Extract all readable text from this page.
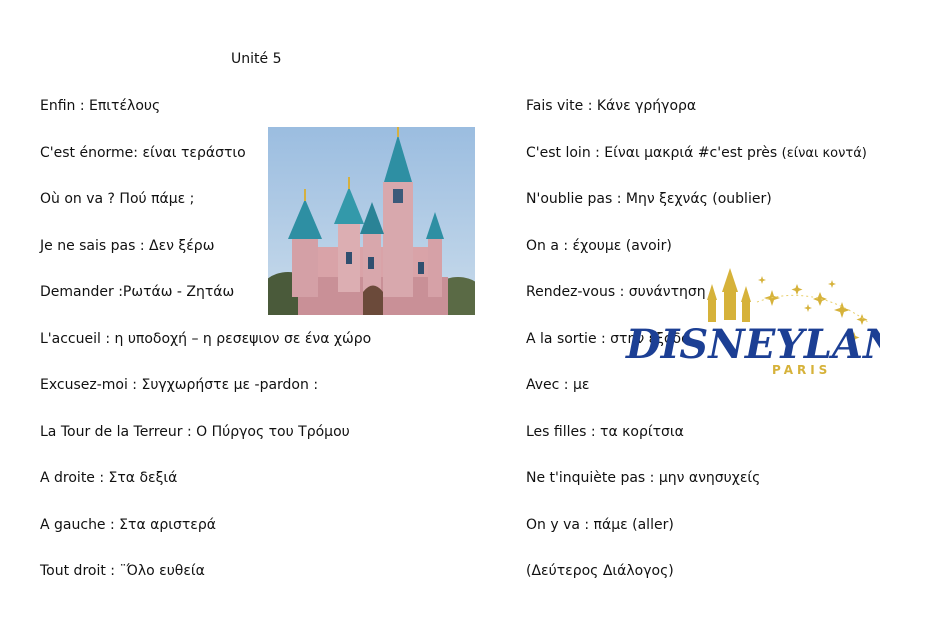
Unité 5
Enfin : Επιτέλους
C'est énorme: είναι τεράστιο
Où on va ? Πού πάμε ;
Je ne sais pas : Δεν ξέρω
Demander :Ρωτάω - Ζητάω
L'accueil : η υποδοχή – η ρεσεψιον σε ένα χώρο
Excusez-moi : Συγχωρήστε με -pardon :
La Tour de la Terreur : Ο Πύργος του Τρόμου
A droite : Στα δεξιά
A gauche : Στα αριστερά
Tout droit : ¨Όλο ευθεία
Fais vite : Κάνε γρήγορα
C'est loin : Είναι μακριά #c'est près (είναι κοντά)
N'oublie pas : Μην ξεχνάς (oublier)
On a : έχουμε (avoir)
Rendez-vous : συνάντηση
A la sortie : στην έξοδο
Avec : με
Les filles : τα κορίτσια
Ne t'inquiète pas : μην ανησυχείς
On y va : πάμε (aller)
(Δεύτερος Διάλογος)
DISNEYLA
PARIS
